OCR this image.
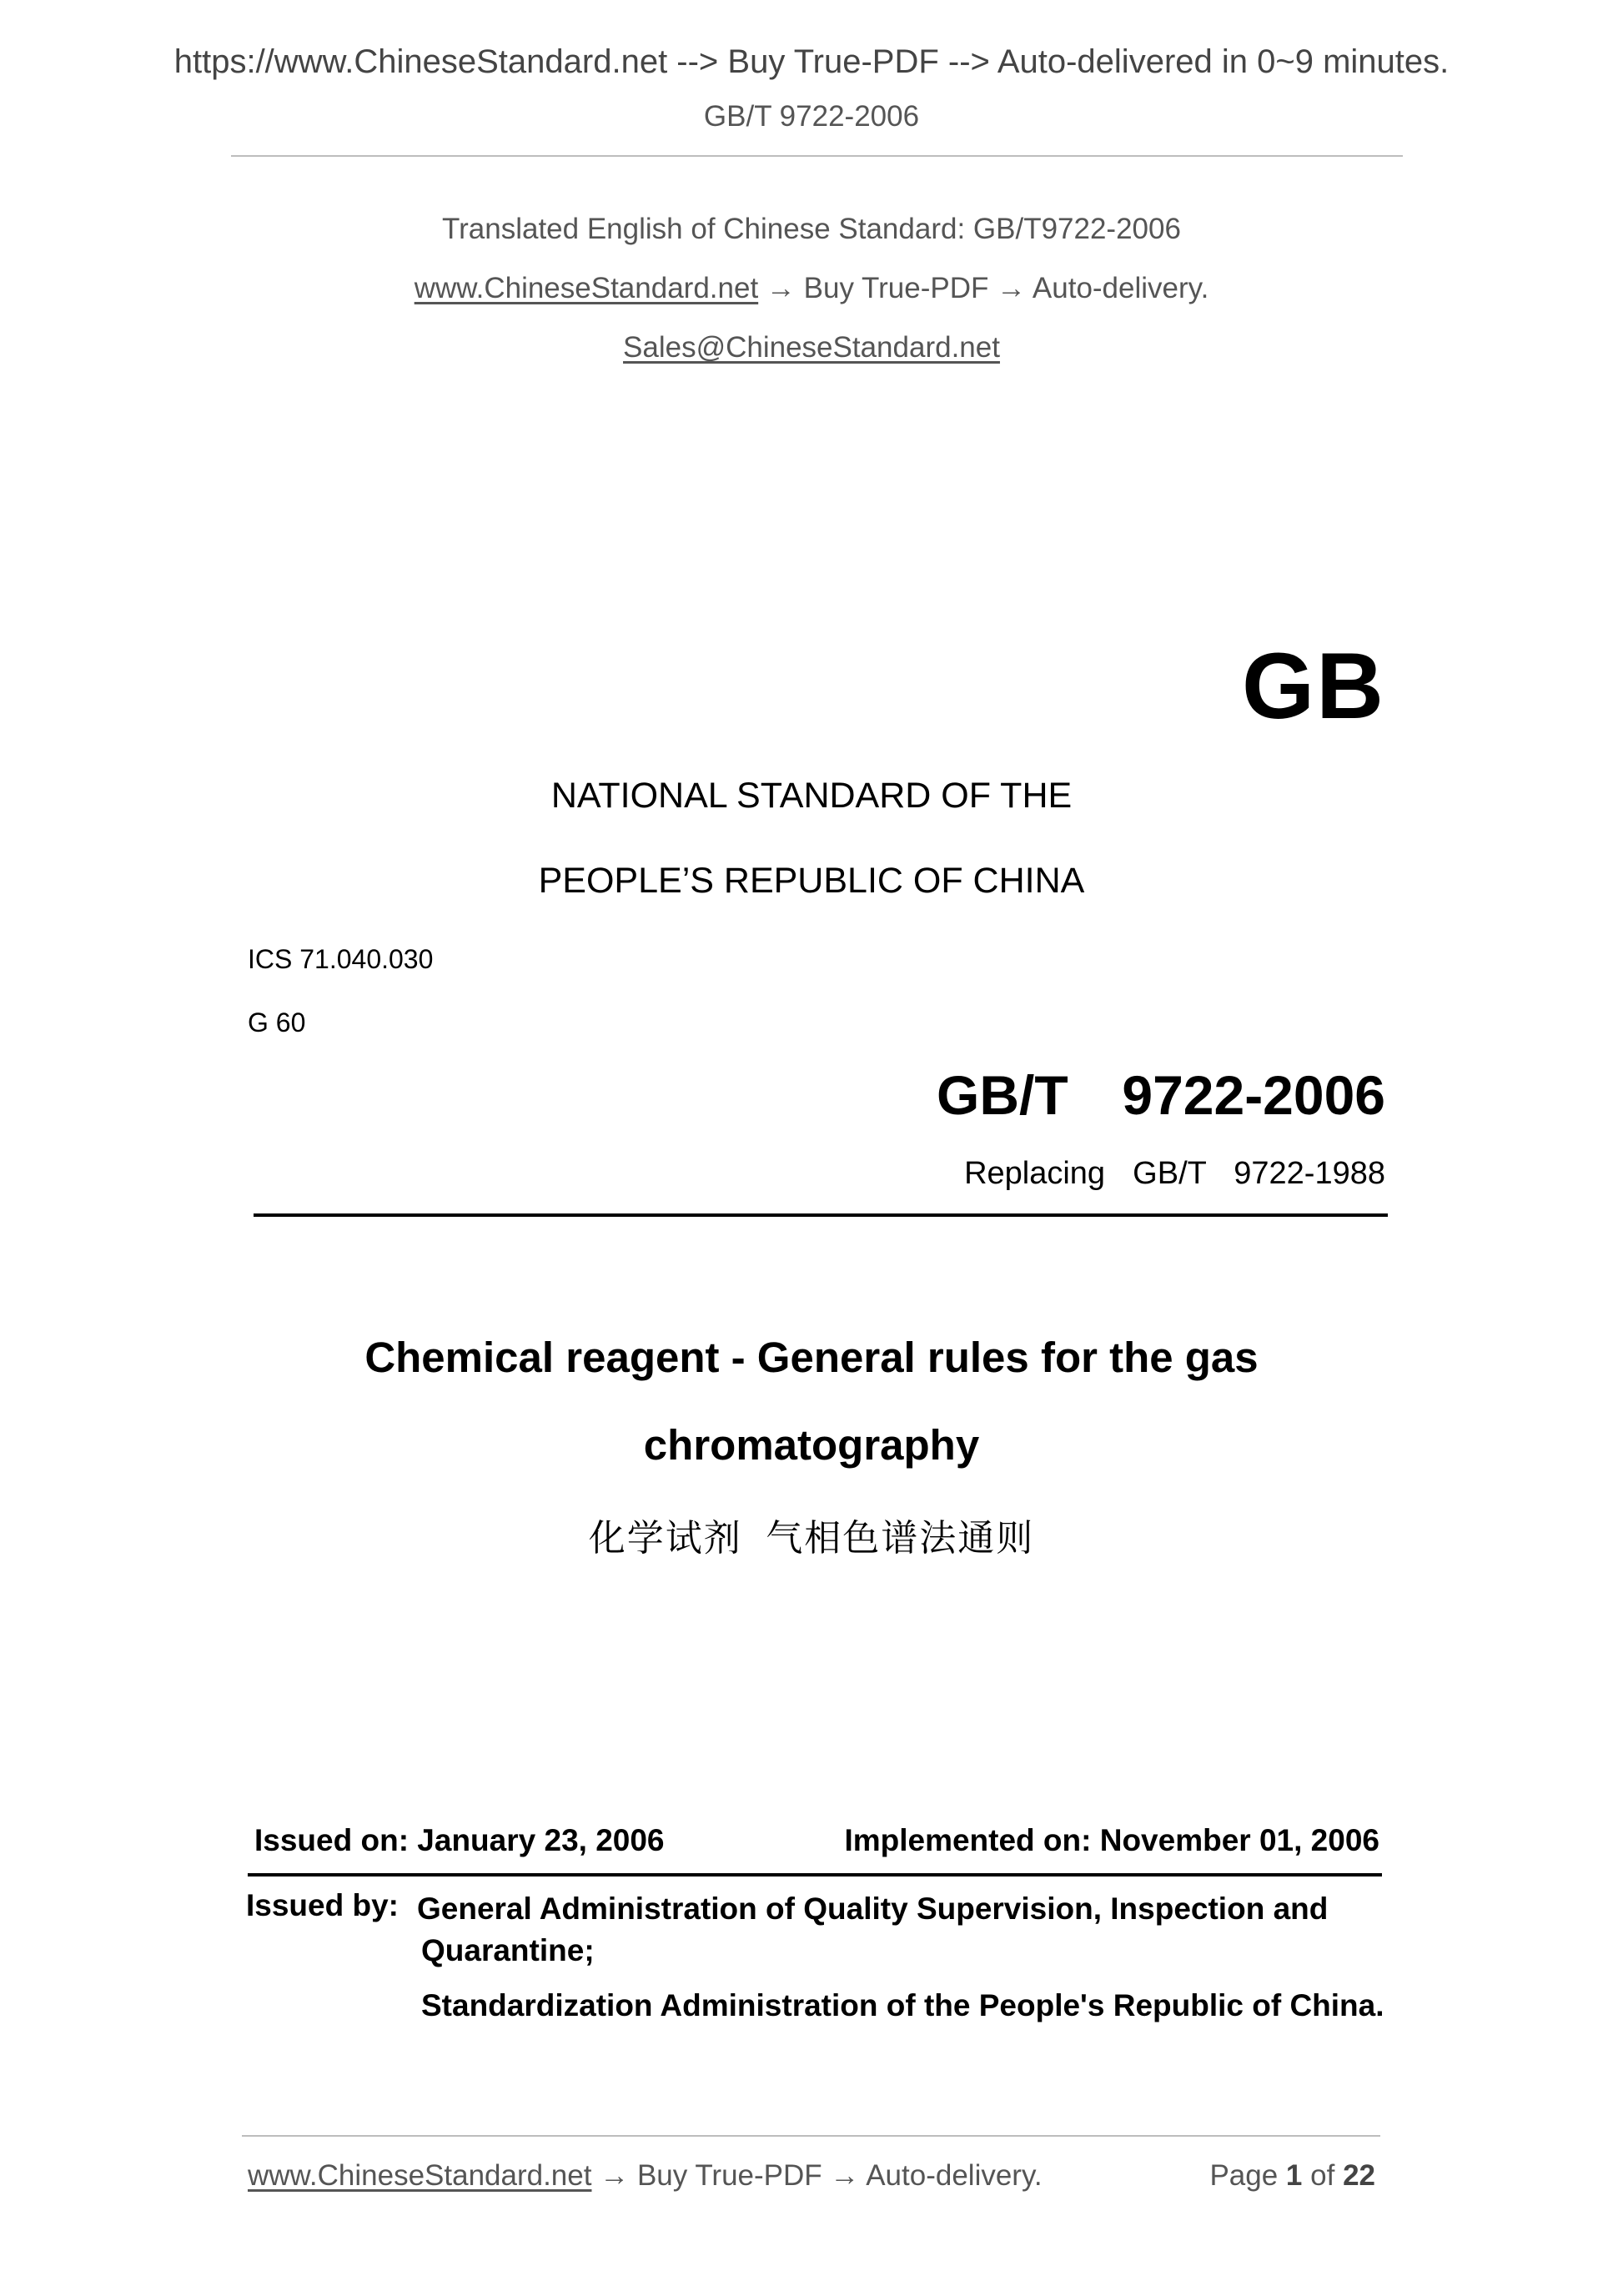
https://www.ChineseStandard.net --> Buy True-PDF --> Auto-delivered in 0~9 minutes.
GB/T 9722-2006
Translated English of Chinese Standard: GB/T9722-2006
www.ChineseStandard.net → Buy True-PDF → Auto-delivery.
Sales@ChineseStandard.net
GB
NATIONAL STANDARD OF THE
PEOPLE’S REPUBLIC OF CHINA
ICS 71.040.030
G 60
GB/T  9722-2006
Replacing  GB/T  9722-1988
Chemical reagent - General rules for the gas
chromatography
化学试剂  气相色谱法通则
Issued on: January 23, 2006	Implemented on: November 01, 2006
Issued by: General Administration of Quality Supervision, Inspection and
Quarantine;
Standardization Administration of the People's Republic of China.
www.ChineseStandard.net → Buy True-PDF → Auto-delivery.	Page 1 of 22
